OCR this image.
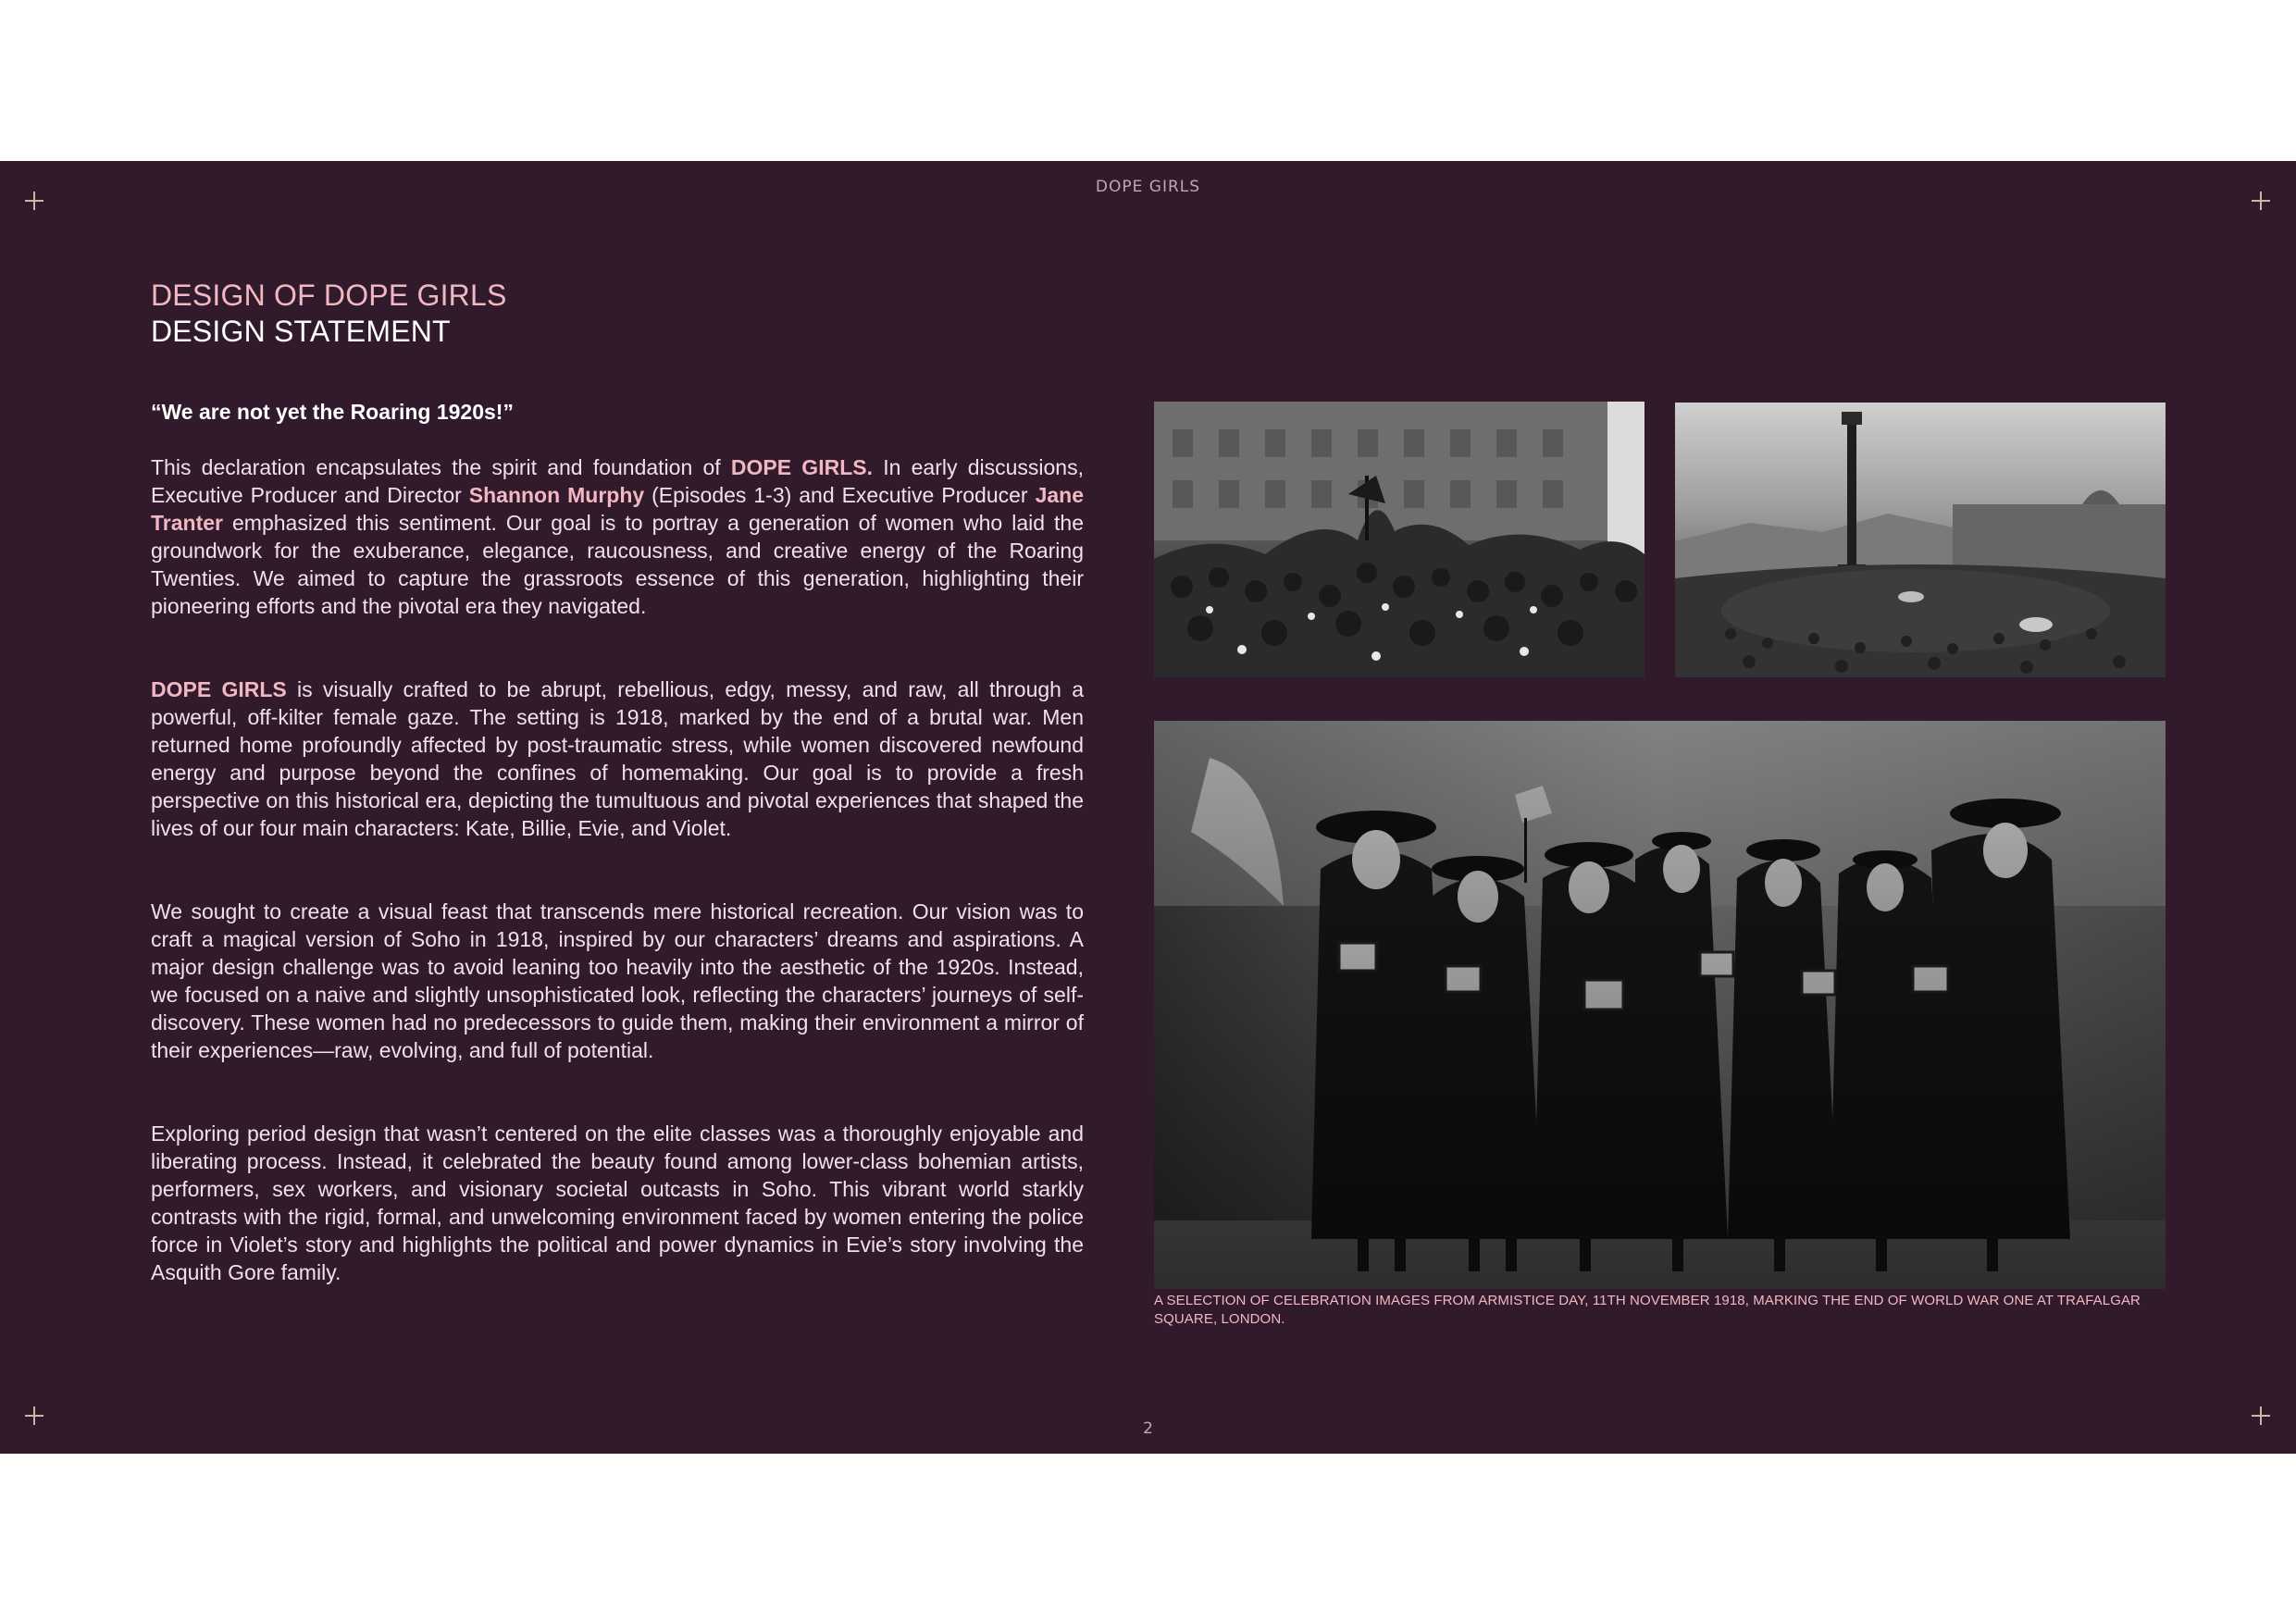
DOPE GIRLS
DESIGN OF DOPE GIRLS
DESIGN STATEMENT

“We are not yet the Roaring 1920s!”

This declaration encapsulates the spirit and foundation of DOPE GIRLS. In early discussions, Executive Producer and Director Shannon Murphy (Episodes 1-3) and Executive Producer Jane Tranter emphasized this sentiment. Our goal is to portray a generation of women who laid the groundwork for the exuberance, elegance, raucousness, and creative energy of the Roaring Twenties. We aimed to capture the grassroots essence of this generation, highlighting their pioneering efforts and the pivotal era they navigated.

DOPE GIRLS is visually crafted to be abrupt, rebellious, edgy, messy, and raw, all through a powerful, off-kilter female gaze. The setting is 1918, marked by the end of a brutal war. Men returned home profoundly affected by post-traumatic stress, while women discovered newfound energy and purpose beyond the confines of homemaking. Our goal is to provide a fresh perspective on this historical era, depicting the tumultuous and pivotal experiences that shaped the lives of our four main characters: Kate, Billie, Evie, and Violet.

We sought to create a visual feast that transcends mere historical recreation. Our vision was to craft a magical version of Soho in 1918, inspired by our characters’ dreams and aspirations. A major design challenge was to avoid leaning too heavily into the aesthetic of the 1920s. Instead, we focused on a naive and slightly unsophisticated look, reflecting the characters’ journeys of self-discovery. These women had no predecessors to guide them, making their environment a mirror of their experiences—raw, evolving, and full of potential.

Exploring period design that wasn’t centered on the elite classes was a thoroughly enjoyable and liberating process. Instead, it celebrated the beauty found among lower-class bohemian artists, performers, sex workers, and visionary societal outcasts in Soho. This vibrant world starkly contrasts with the rigid, formal, and unwelcoming environment faced by women entering the police force in Violet’s story and highlights the political and power dynamics in Evie’s story involving the Asquith Gore family.

A SELECTION OF CELEBRATION IMAGES FROM ARMISTICE DAY, 11TH NOVEMBER 1918, MARKING THE END OF WORLD WAR ONE AT TRAFALGAR SQUARE, LONDON.
2
